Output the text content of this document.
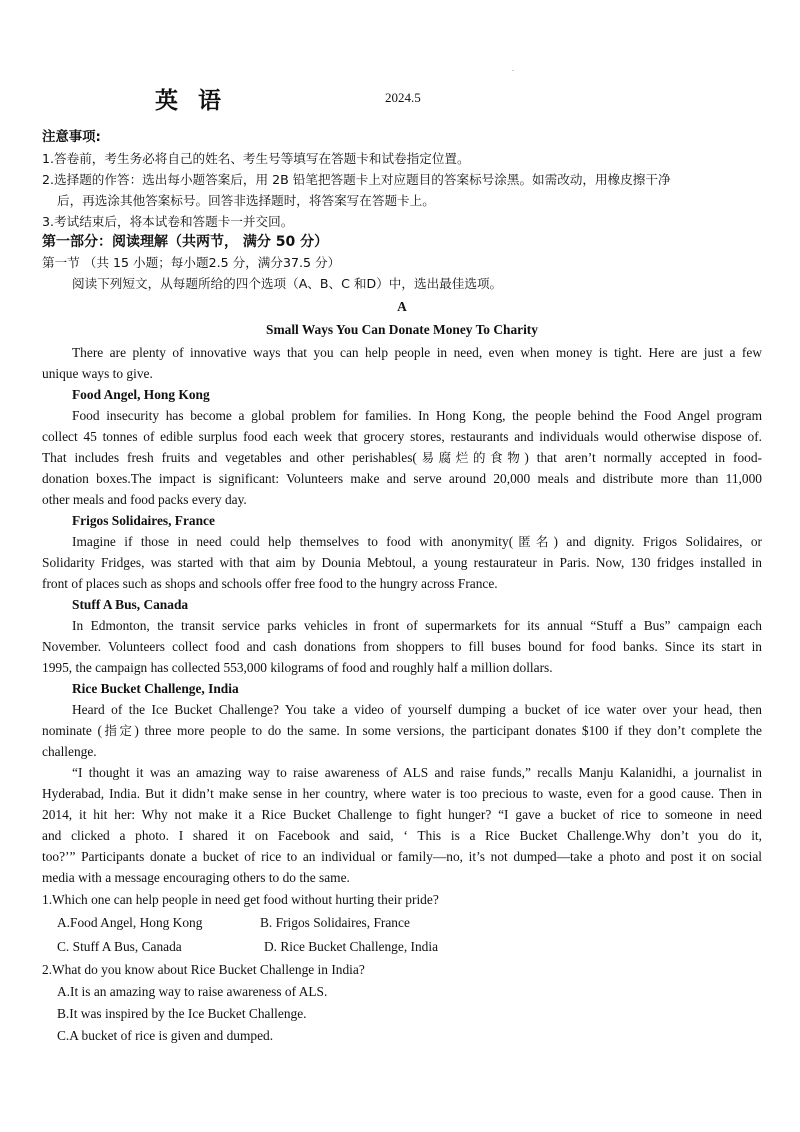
.
英 语	2024.5
注意事项:
1.答卷前，考生务必将自己的姓名、考生号等填写在答题卡和试卷指定位置。
2.选择题的作答：选出每小题答案后，用 2B 铅笔把答题卡上对应题目的答案标号涂黑。如需改动，用橡皮擦干净
后，再选涂其他答案标号。回答非选择题时，将答案写在答题卡上。
3.考试结束后，将本试卷和答题卡一并交回。
第一部分：阅读理解（共两节， 满分 50 分）
第一节 （共 15 小题；每小题2.5 分，满分37.5 分）
阅读下列短文，从每题所给的四个选项（A、B、C 和D）中，选出最佳选项。
A
Small Ways You Can Donate Money To Charity
There are plenty of innovative ways that you can help people in need, even when money is tight. Here are just a few
unique ways to give.
Food Angel, Hong Kong
Food insecurity has become a global problem for families. In Hong Kong, the people behind the Food Angel program
collect 45 tonnes of edible surplus food each week that grocery stores, restaurants and individuals would otherwise dispose of.
That includes fresh fruits and vegetables and other perishables(易腐烂的食物) that aren’t normally accepted in food-
donation boxes.The impact is significant: Volunteers make and serve around 20,000 meals and distribute more than 11,000
other meals and food packs every day.
Frigos Solidaires, France
Imagine if those in need could help themselves to food with anonymity(匿名) and dignity. Frigos Solidaires, or
Solidarity Fridges, was started with that aim by Dounia Mebtoul, a young restaurateur in Paris. Now, 130 fridges installed in
front of places such as shops and schools offer free food to the hungry across France.
Stuff A Bus, Canada
In Edmonton, the transit service parks vehicles in front of supermarkets for its annual “Stuff a Bus” campaign each
November. Volunteers collect food and cash donations from shoppers to fill buses bound for food banks. Since its start in
1995, the campaign has collected 553,000 kilograms of food and roughly half a million dollars.
Rice Bucket Challenge, India
Heard of the Ice Bucket Challenge? You take a video of yourself dumping a bucket of ice water over your head, then
nominate (指定) three more people to do the same. In some versions, the participant donates $100 if they don’t complete the
challenge.
“I thought it was an amazing way to raise awareness of ALS and raise funds,” recalls Manju Kalanidhi, a journalist in
Hyderabad, India. But it didn’t make sense in her country, where water is too precious to waste, even for a good cause. Then in
2014, it hit her: Why not make it a Rice Bucket Challenge to fight hunger? “I gave a bucket of rice to someone in need
and clicked a photo. I shared it on Facebook and said, ‘ This is a Rice Bucket Challenge.Why don’t you do it,
too?’” Participants donate a bucket of rice to an individual or family—no, it’s not dumped—take a photo and post it on social
media with a message encouraging others to do the same.
1.Which one can help people in need get food without hurting their pride?
A.Food Angel, Hong Kong	B. Frigos Solidaires, France
C. Stuff A Bus, Canada	D. Rice Bucket Challenge, India
2.What do you know about Rice Bucket Challenge in India?
A.It is an amazing way to raise awareness of ALS.
B.It was inspired by the Ice Bucket Challenge.
C.A bucket of rice is given and dumped.
